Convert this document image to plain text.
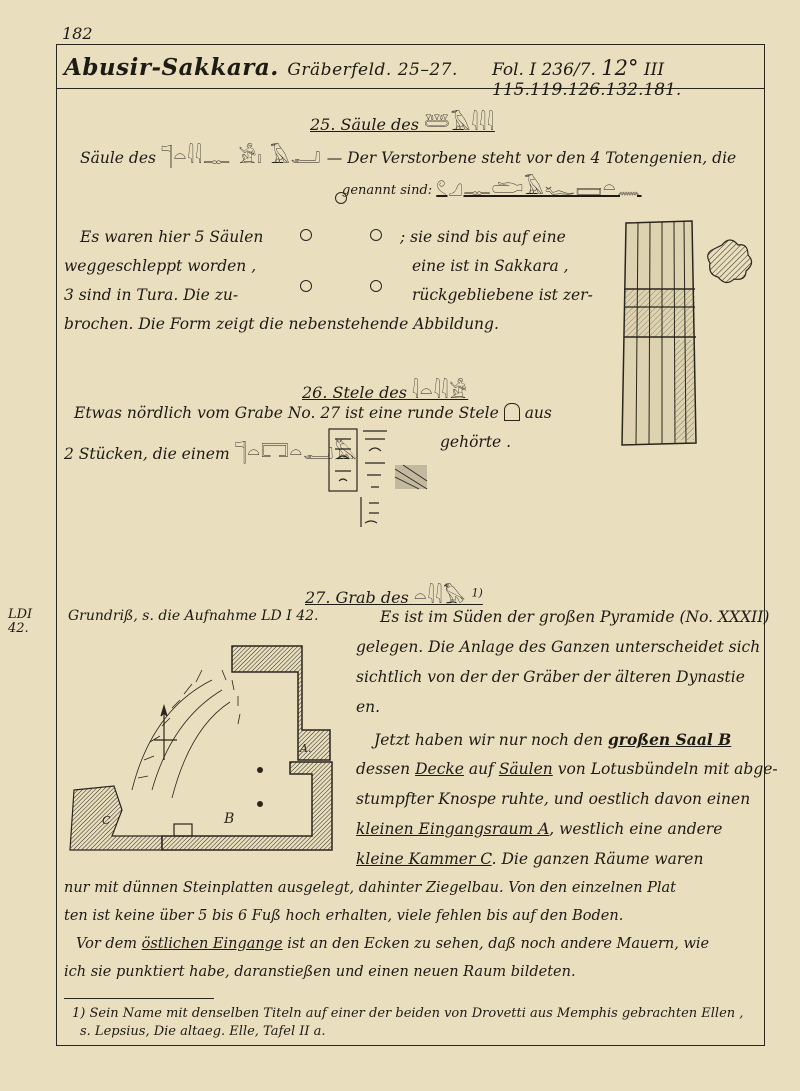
182
Abusir-Sakkara. Gräberfeld. 25–27. Fol. I 236/7. 12° III 115.119.126.132.181.
25. Säule des 𓆷𓄿𓇋𓇋𓇋
Säule des 𓊹𓏏𓇋𓇋𓊃 𓀀𓏤 𓄿𓂝 — Der Verstorbene steht vor den 4 Totengenien, die
genannt sind: 𓏲𓈎𓊃𓂧𓄿𓆑𓈙𓏏𓈖
Es waren hier 5 Säulen	; sie sind bis auf eine
weggeschleppt worden ,	eine ist in Sakkara ,
3 sind in Tura. Die zu-	rückgebliebene ist zer-
brochen. Die Form zeigt die nebenstehende Abbildung.
26. Stele des 𓇋𓏏𓇋𓇋𓀀
Etwas nördlich vom Grabe No. 27 ist eine runde Stele aus
2 Stücken, die einem 𓊹𓏏𓉐𓏏𓂝𓅓	gehörte .
27. Grab des 𓏏𓇋𓇋𓅃 $^{1)}$
LDI
42.
Grundriß, s. die Aufnahme LD I 42.	Es ist im Süden der großen Pyramide (No. XXXII)
gelegen. Die Anlage des Ganzen unterscheidet sich
sichtlich von der der Gräber der älteren Dynastie
en.
Jetzt haben wir nur noch den großen Saal B
dessen Decke auf Säulen von Lotusbündeln mit abge-
stumpfter Knospe ruhte, und oestlich davon einen
kleinen Eingangsraum A, westlich eine andere
kleine Kammer C. Die ganzen Räume waren
nur mit dünnen Steinplatten ausgelegt, dahinter Ziegelbau. Von den einzelnen Plat
ten ist keine über 5 bis 6 Fuß hoch erhalten, viele fehlen bis auf den Boden.
Vor dem östlichen Eingange ist an den Ecken zu sehen, daß noch andere Mauern, wie
ich sie punktiert habe, daranstießen und einen neuen Raum bildeten.
B
A.
C
1) Sein Name mit denselben Titeln auf einer der beiden von Drovetti aus Memphis gebrachten Ellen ,
s. Lepsius, Die altaeg. Elle, Tafel II a.
